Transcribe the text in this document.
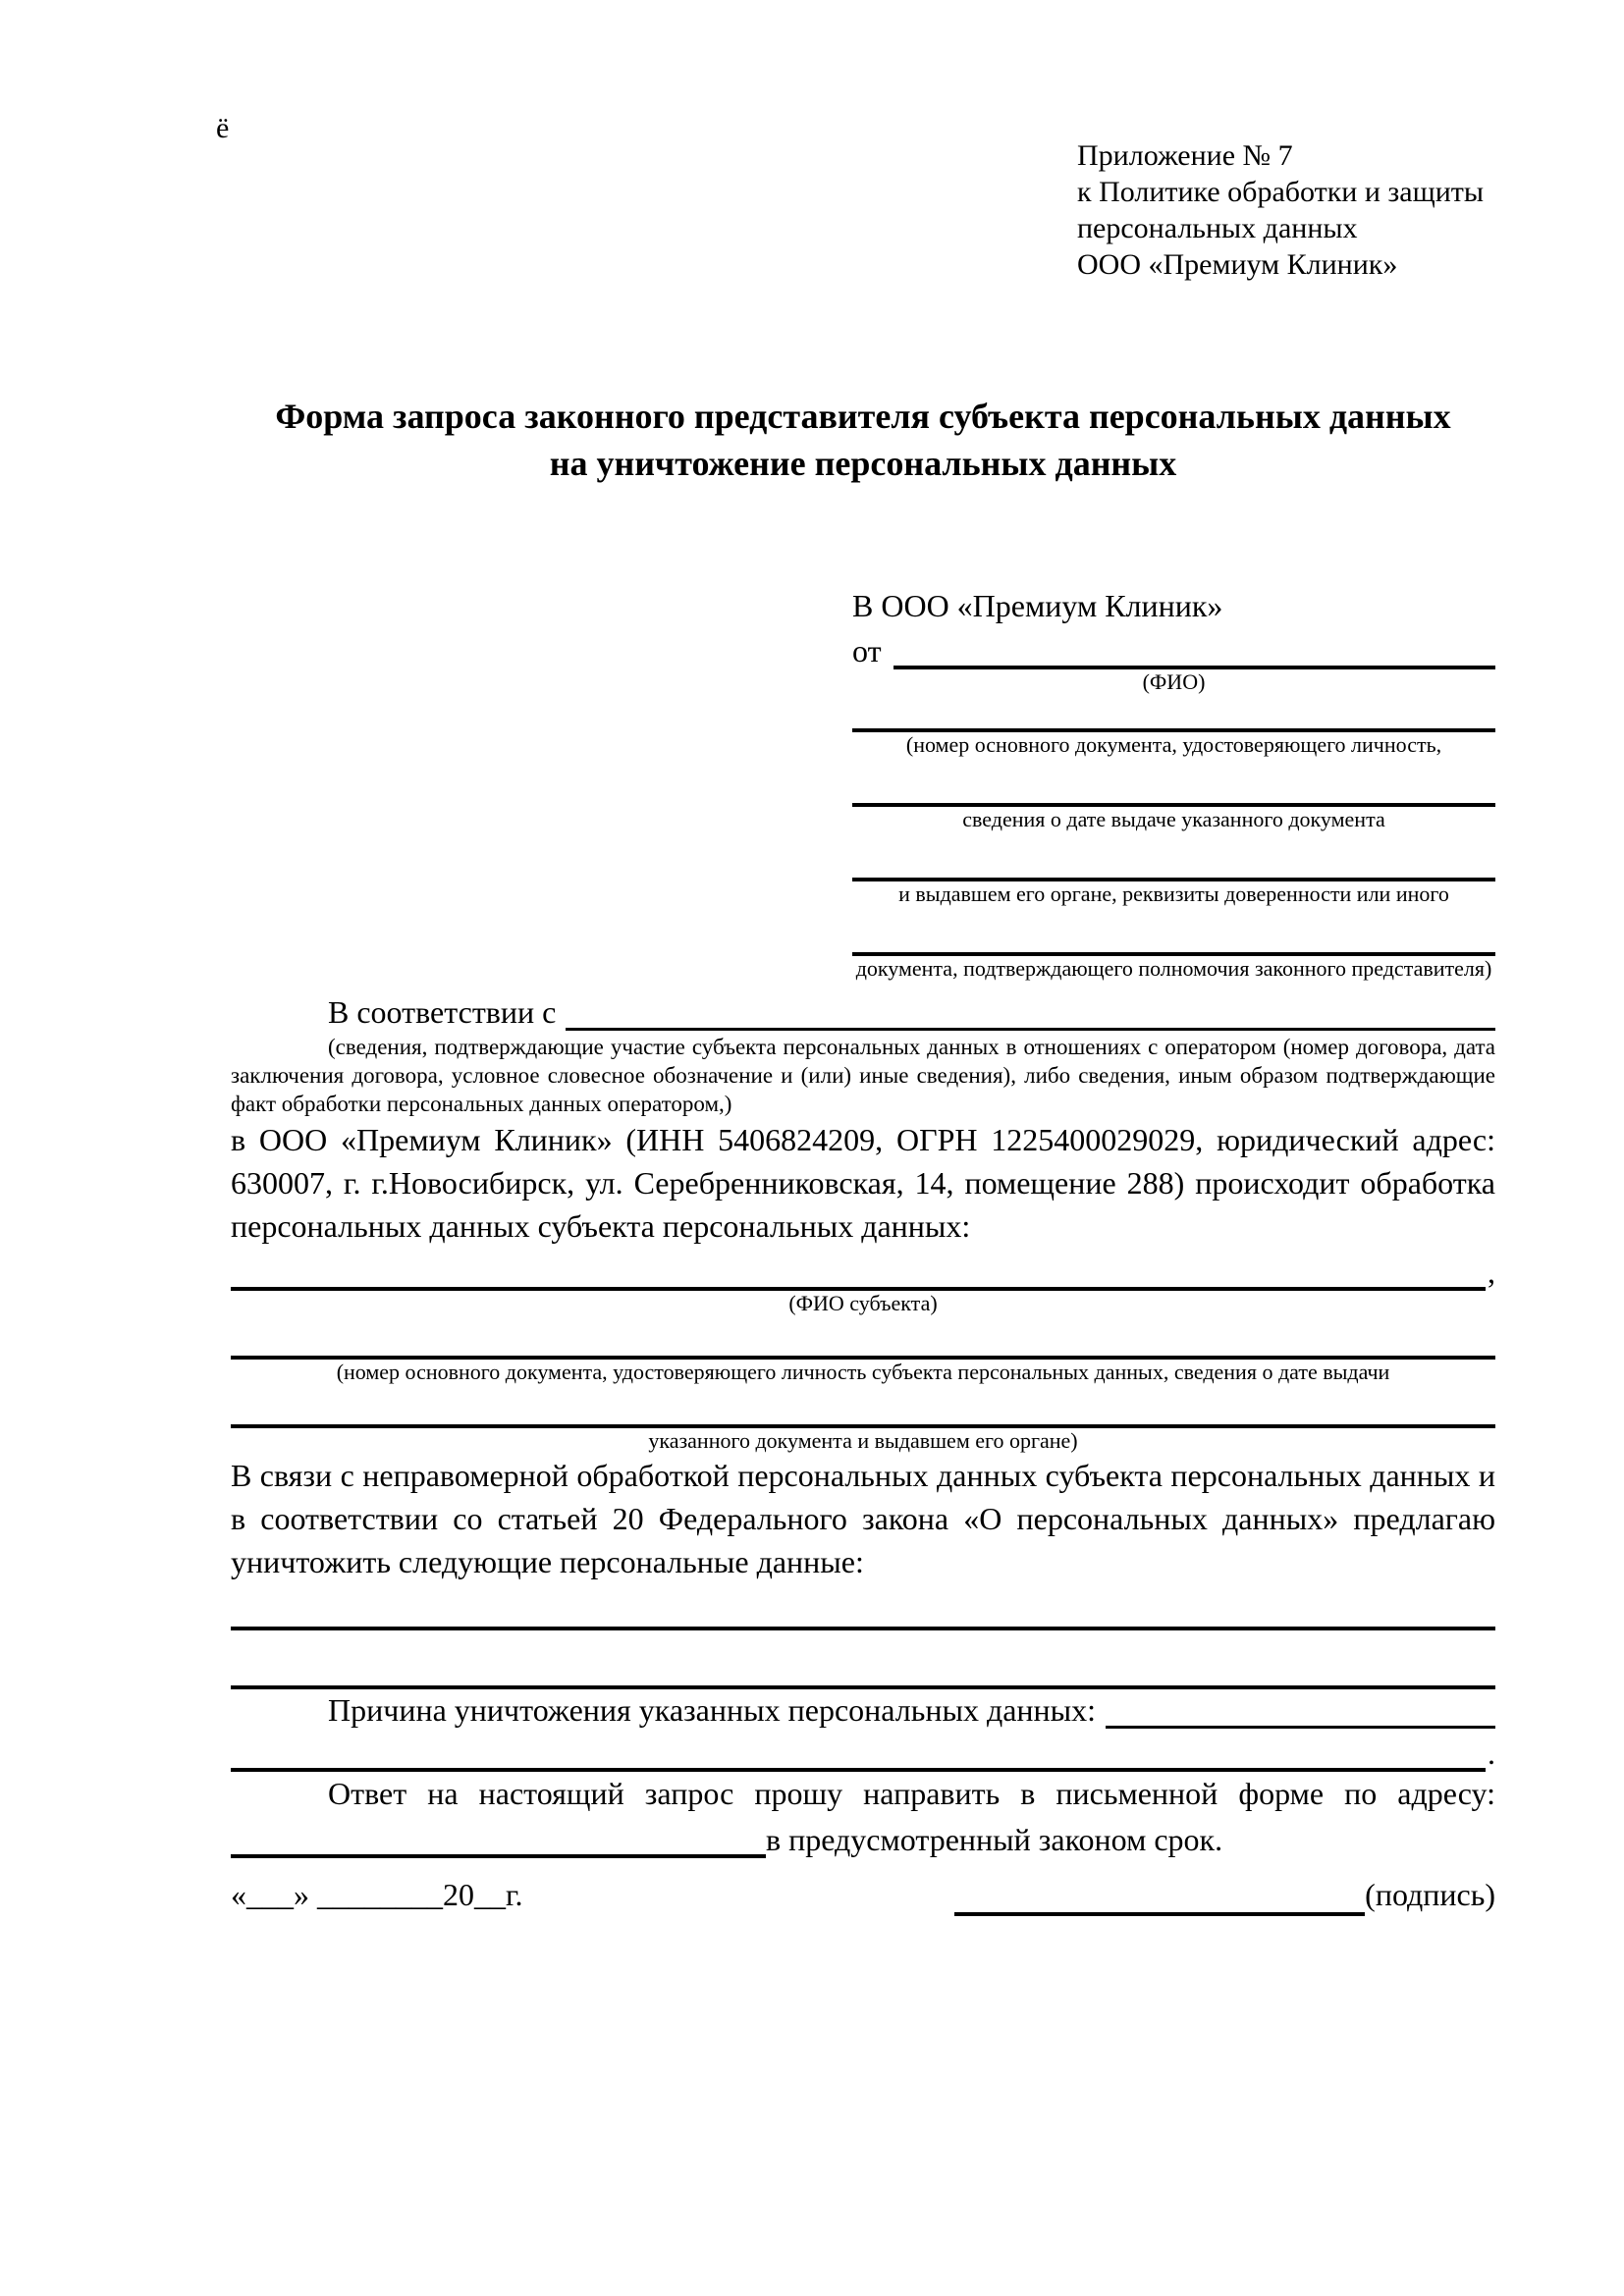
ё
Приложение № 7
к Политике обработки и защиты
персональных данных
ООО «Премиум Клиник»
Форма запроса законного представителя субъекта персональных данных
на уничтожение персональных данных
В ООО «Премиум Клиник»
от
(ФИО)
(номер основного документа, удостоверяющего личность,
сведения о дате выдаче указанного документа
и выдавшем его органе, реквизиты доверенности или иного
документа, подтверждающего полномочия законного представителя)
В соответствии с

(сведения, подтверждающие участие субъекта персональных данных в отношениях с оператором (номер договора, дата заключения договора, условное словесное обозначение и (или) иные сведения), либо сведения, иным образом подтверждающие факт обработки персональных данных оператором,)

в ООО «Премиум Клиник» (ИНН 5406824209, ОГРН 1225400029029, юридический адрес: 630007, г. г.Новосибирск, ул. Серебренниковская, 14, помещение 288) происходит обработка персональных данных субъекта персональных данных:

,
(ФИО субъекта)
(номер основного документа, удостоверяющего личность субъекта персональных данных, сведения о дате выдачи
указанного документа и выдавшем его органе)

В связи с неправомерной обработкой персональных данных субъекта персональных данных и в соответствии со статьей 20 Федерального закона «О персональных данных» предлагаю уничтожить следующие персональные данные:

Причина уничтожения указанных персональных данных:
.

Ответ на настоящий запрос прошу направить в письменной форме по адресу:

в предусмотренный законом срок.
«___» ________20__г.	(подпись)
